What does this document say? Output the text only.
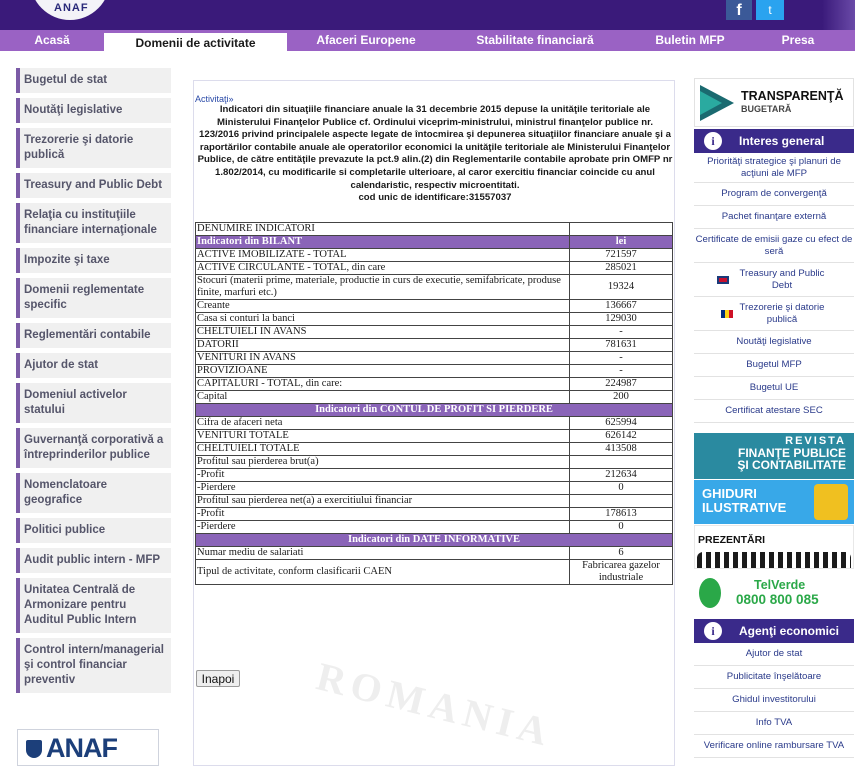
ANAF	f	t
Acasă	Domenii de activitate	Afaceri Europene	Stabilitate financiară	Buletin MFP	Presa
Bugetul de stat
Noutăţi legislative
Trezorerie şi datorie publică
Treasury and Public Debt
Relaţia cu instituţiile financiare internaţionale
Impozite şi taxe
Domenii reglementate specific
Reglementări contabile
Ajutor de stat
Domeniul activelor statului
Guvernanţă corporativă a întreprinderilor publice
Nomenclatoare geografice
Politici publice
Audit public intern - MFP
Unitatea Centrală de Armonizare pentru Auditul Public Intern
Control intern/managerial şi control financiar preventiv
ANAF	ROMANIA
Activitaţi»
Indicatori din situaţiile financiare anuale la 31 decembrie 2015 depuse la unităţile teritoriale ale Ministerului Finanţelor Publice cf. Ordinului viceprim-ministrului, ministrul finanţelor publice nr. 123/2016 privind principalele aspecte legate de întocmirea şi depunerea situaţiilor financiare anuale şi a raportărilor contabile anuale ale operatorilor economici la unităţile teritoriale ale Ministerului Finanţelor Publice, de către entităţile prevazute la pct.9 alin.(2) din Reglementarile contabile aprobate prin OMFP nr 1.802/2014, cu modificarile si completarile ulterioare, al caror exercitiu financiar coincide cu anul calendaristic, respectiv microentitati.
cod unic de identificare:31557037
DENUMIRE INDICATORI	
Indicatori din BILANT	lei
ACTIVE IMOBILIZATE - TOTAL	721597
ACTIVE CIRCULANTE - TOTAL, din care	285021
Stocuri (materii prime, materiale, productie in curs de executie, semifabricate, produse finite, marfuri etc.)	19324
Creante	136667
Casa si conturi la banci	129030
CHELTUIELI IN AVANS	-
DATORII	781631
VENITURI IN AVANS	-
PROVIZIOANE	-
CAPITALURI - TOTAL, din care:	224987
Capital	200
Indicatori din CONTUL DE PROFIT SI PIERDERE	
Cifra de afaceri neta	625994
VENITURI TOTALE	626142
CHELTUIELI TOTALE	413508
Profitul sau pierderea brut(a)	
-Profit	212634
-Pierdere	0
Profitul sau pierderea net(a) a exercitiului financiar	
-Profit	178613
-Pierdere	0
Indicatori din DATE INFORMATIVE	
Numar mediu de salariati	6
Tipul de activitate, conform clasificarii CAEN	Fabricarea gazelor industriale
Inapoi
TRANSPARENŢĂ
BUGETARĂ
i	Interes general
Priorităţi strategice şi planuri de acţiuni ale MFP
Program de convergenţă
Pachet finanţare externă
Certificate de emisii gaze cu efect de seră
Treasury and Public Debt
Trezorerie şi datorie publică
Noutăţi legislative
Bugetul MFP
Bugetul UE
Certificat atestare SEC
REVISTA
FINANŢE PUBLICE
ŞI CONTABILITATE
GHIDURI
ILUSTRATIVE
PREZENTĂRI
TelVerde
0800 800 085
i	Agenţi economici
Ajutor de stat
Publicitate înşelătoare
Ghidul investitorului
Info TVA
Verificare online rambursare TVA
